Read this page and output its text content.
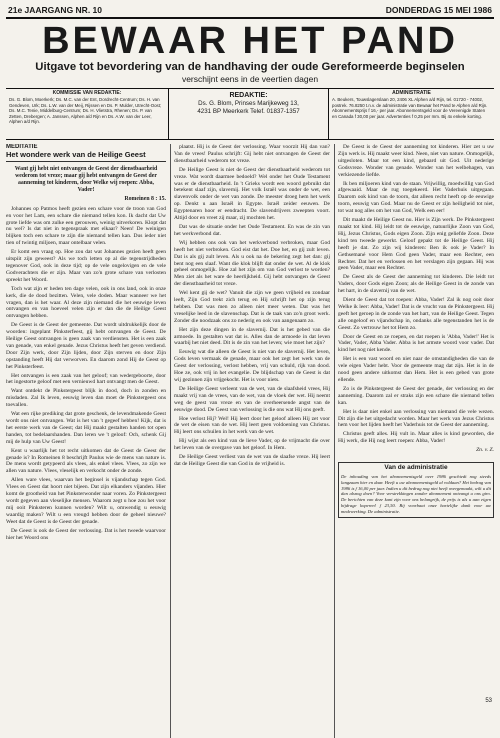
21e JAARGANG NR. 10	DONDERDAG 15 MEI 1986
BEWAAR HET PAND
Uitgave tot bevordering van de handhaving der oude Gereformeerde beginselen
verschijnt eens in de veertien dagen
KOMMISSIE VAN REDAKTIE:
Ds. G. Blom, Moerkerk; Ds. M.C. van der Ent, Dordrecht-Centrum; Ds. H. van Gendeven, Urk; Ds. L.W. van der Meij, Rijssen en Ds. P. Mulder, Utrecht-Oost; Ds. M.C. Tenie, Middelburg-Centrum; Ds. H. Vlietstra, Rhenen; Ds. P. van Zetten, Drebergen; A. Janssen, Alphen a/d Rijn en Ds. A.W. van der Leer, Alphen a/d Rijn.
REDAKTIE:
Ds. G. Blom, Prinses Marijkeweg 13,
4231 BP Meerkerk Telef. 01837-1357
ADMINISTRATIE
A. Beukers, Touwslagerslaan 20, 2406 XL Alphen a/d Rijn, tel. 01720 - 74002, postrek. 76.8250 t.n.v. de administratie van Bewaar het Pand te Alphen a/d Rijn. Abonnementsprijs f 16,- per jaar. Abonnementsgeld voor de Vereenigde Staten en Canada f 30,00 per jaar. Advertenties f 0,25 per mm. Bij 4x enkele korting.
MEDITATIE
Het wondere werk van de Heilige Geest
Want gij hebt niet ontvangen de Geest der dienstbaarheid wederom tot vreze; maar gij hebt ontvangen de Geest der aanneming tot kinderen, door Welke wij roepen: Abba, Vader!
Romeinen 8 : 15.

Johannes op Patmos heeft gezien een schare voor de troon van God en voor het Lam, een schare die niemand tellen kon. Ik dacht dat Uw grote liefde was om zulke een gerouwen, weinig uitverkoren. Klopt dat nu wel? Is dat niet in tegenspraak met elkaar? Neen! De weinigen blijken toch een schare te zijn die niemand tellen kan. Dus ieder niet tien of twintig miljoen, maar ontelbaar velen.

Er komt een vraag op. Hoe zou dat wat Johannes gezien heeft geen uitspiit zijn geweest? Als we toch letten op al die tegenstrijdheden tegenover God, ook in deze tijd; op de vele ongelovigen en de vele Godverachters die er zijn. Maar van zo'n grote schare van verlosten spreekt het Woord.

Toch wat zijn er heden ten dage velen, ook in ons land, ook in onze kerk, die de dood bezitten. Velen, vele doden. Maar wanneer we het vragen, dan is het waar. Al deze zijn niemand die het eeuwige leven ontvangen en van hoeveel velen zijn er dan die de Heilige Geest ontvangen hebben.

De Geest is de Geest der gemeente. Dat wordt uitdrukkelijk door de woorden: ingeplant Pinksterfeest, gij hebt ontvangen de Geest. De Heilige Geest ontvangen is geen zaak van verdiensten. Het is een zaak van genade, van enkel genade. Jezus Christus heeft het geven verdiend. Door Zijn werk, door Zijn lijden, door Zijn sterven en door Zijn opstanding heeft Hij dat verworven. En daarom zond Hij de Geest op het Pinksterfeest.

Het ontvangen is een zaak van het geloof; van wedergeboorte, door het ingestorte geloof met een vernieuwd hart ontvangt men de Geest.

Want ontdekt de Pinkstergeest blijk in dood, doch in zonden en misdaden. Zal Ik leven, eeuwig leven dan moet de Pinkstergeest ons toevallen.

Wat een rijke prediking dat grote geschenk, de levendmakende Geest wordt ons niet ontvangen. Wat is het van 't gegeef hebben! Kijk, dat is het eerste werk van de Geest; dat Hij maakt gestalten handen tot open handen, tot bedelaarshanden. Dan leren we 't geloof: Och, schenk Gij mij de hulp van Uw Geest!

Kent u waarlijk het tot recht uitkomen dat de Geest de Geest der genade is? In Romeinen 8 beschrijft Paulus wie de mens van nature is. De mens wordt getypeerd als vlees, als enkel vlees. Vlees, zo zijn we allen van nature. Vlees, vleselijk en verkocht onder de zonde.

Allen ware vlees, waarvan het beginsel is vijandschap tegen God. Vlees en Geest dat hoort niet bijeen. Dat zijn elkanders vijanden. Hier komt de grootheid van het Pinksterwonder naar voren. Zo Pinkstergeest wordt gegeven aan vleselijke mensen. Waarom zegt u hoe zou het voor mij ooit Pinksteren kunnen worden? Wilt u, omwendig u eeuwig waardig maken? Wilt u een vreugd hebben door de geheel nieuwe? Weet dat de Geest is de Geest der genade.

De Geest is ook de Geest der verlossing. Dat is het tweede waarvoor hier het Woord ons

plaatst. Hij is de Geest der verlossing. Waar voorzit Hij dan van? Van de vrees! Paulus schrijft: Gij hebt niet ontvangen de Geest der dienstbaarheid wederom tot vreze.

De Heilige Geest is niet de Geest der dienstbaarheid wederom tot vreze. Wat wordt daarmee bedoeld? Wel onder het Oude Testament was er de dienstbaarheid. In 't Grieks wordt een woord gebruikt dat betekent slaaf zijn, slavernij. Het volk Israël was onder de wet, een slavenvolk onder de wet van zonde. De meester droeg hem het werk op. Denkt u aan Israël in Egypte. Israël zeider eeuwen. De Egyptenaren hoor er eendracht. De slavendrijvers zweepten voort. Altijd door en vreet zij maar, zij mochten het.

Dat was de situatie onder het Oude Testament. En was de zin van het werkverbond dat.

Wij hebben ons ook van het werkverbond verbroken, maar God heeft het niet verbroken. God eist dat het. Doe het, en gij zult leven. Dat is als gij zult leven. Als u ook na de bekering zegt het dan: gij bent nog een slaaf. Want die klok blijft dat onder de wet. Al de klok geheel onmogelijk. Hoe zal het zijn om van God verlost te worden? Men ziet als het ware de heerlijkheid. Gij hebt ontvangen de Geest der dienstbaarheid tot vreze.

Wel kent gij de wet? Vanuit die zijn we geen vrijheid en zondaar leeft, Zijn God trekt zich terug en Hij schrijft het op zijn terug hebben. Dat was men zo alleen niet meer weten. Dat was het vreselijke leed in de slavenschap. Dat is de taak van zo'n groot werk. Zonder die noodzaak ons zo nederig en ook van aangenaam zo.

Het zijn deze dingen in de slavernij. Dat is het gebed van die armoede. In gestalten wat dat is. Alles dan de armoede in dat leven waarbij het niet deed. Dit is de zin van het leven; wie moet het zijn?

Eeuwig wat die alleen de Geest is niet van de slavernij. Het leven, Gods leven vermaak de genade, maar ook het zegt het werk van de Geest der verlossing, verlost hebben, vrij van schuld, rijk van dood. Hoe ze, ook vrij in het evangelie. De blijdschap van de Geest is dat wij gezinnen zijn vrijgekocht. Het is voor niets.

De Heilige Geest verleent van de wet, van de slaafsheid vrees, Hij maakt vrij van de vrees, van de wet, van de vloek der wet. Hij neemt weg de geest van vreze en van de overheersende angst van de eeuwige dood. De Geest van verlossing is die ons wat Hij ons geeft.

Hoe verlost Hij? Wel! Hij leert door het geloof alleen Hij zet voor de wet de eisen van de wet. Hij leert geen voldoening van Christus. Hij leert ons schuilen in het werk van de wet.

Hij wijst als een kind van de lieve Vader, op de vrijmacht die over het leven van de overgave van het geloof. In Hem.

De Heilige Geest verliest van de wet van de slaafse vreze. Hij leert dat de Heilige Geest die van God in de vrijheid is.

De Geest is de Geest der aanneming tot kinderen. Hier zet u uw Zijn werk is. Hij maakt weer kind. Neen, niet van nature. Onmogelijk, uitgesloten. Maar tot een kind, gebaard uit God. Uit nederige Godsvreze. Wonder van genade. Wonder van het welbehagen, van verkiezende liefde.

Ik ben miljoeren kind van de staan. Vrijwillig, moedwillig van God afgewaaid. Maar de rug toegekeerd. Het Vaderhuis uitgegaan. Daarom ook kind van de toorn, dat alleen recht heeft op de eeuwige toorn, eeuwig van God. Maar nu de Geest er zijn heiligheid tot niet, tot wat nog alles om het van God, Welk een eer!

Dit maakt de Heilige Geest nu. Hier is Zijn werk. De Pinkstergeest maakt tot kind. Hij leidt tot de eeuwige, natuurlijke Zoon van God, Hij, Jezus Christus, Gods eigen Zoon. Zijn enig geliefde Zoon. Deze kind ten tweede gewerkt. Geloof gepakt tot de Heilige Geest. Hij heeft je dat. Zo zijn wij kinderen: Ben ik ook je Vader? In Gethsemané voor Hem God geen Vader, maar een Rechter, een Rechter. Dat het en verlossen en het verslagen zijn gegaan. Hij was geen Vader, maar een Rechter.

De Geest als de Geest der aanneming tot kinderen. Die leidt tot Vaders, door Gods eigen Zoon; als de Heilige Geest in de zonde van het hart, in de slavernij van de wet.

Dient de Geest dat tot roepen: Abba, Vader! Zal ik nog ooit door Welke ik leer: Abba, Vader! Dat is de vrucht van de Pinkstergeest. Hij geeft het geroep in de zonde van het hart, van de Heilige Geest. Tegen alle ongeloof en vijandschap in, ondanks alle tegenstanden het is de Geest. Zo vertrouw het tot Hem zo.

Door de Geest en ze roepen, en dat roepen is 'Abba, Vader!' Het is Vader, Vader, Abba Vader. Abba is het armste woord voor vader. Dat kind het nog niet kende.

Het is een vast woord en niet naar de omstandigheden die van de vele eigen Vader hebt. Voor de gemeente mag dat zijn. Het is in de nood geen andere uitkomst dan Hem. Het is een gebed van grote ellende.

Zo is de Pinkstergeest de Geest der genade, der verlossing en der aanneming. Daarom zal er straks zijn een schare die niemand tellen kan.

Het is daar niet enkel aan verlossing van niemand die vele wezen. Dit zijn die het uitgedacht worden. Maar het werk van Jezus Christus hem voor het lijden heeft het Vaderhuis tot de Geest der aanneming.

Christus geeft alles. Hij vult in. Maar alles is kind geworden, die Hij werk, die Hij nog leert roepen: Abba, Vader!

Zn. v. Z.
Van de administratie
De inhouding van het abonnementsgeld over 1986 geschiedt nog steeds langzaam hier en daar. Heeft u uw abonnementsgeld al voldaan? Het bedrag van 1986 is f 16,00 per jaar. Indien u dit bedrag nog niet heeft overgemaakt, wilt u dit dan alsnog doen? Voor verstrekkingen zonder abonnement ontvangt u ons giro. De berichten van deze kant zijn voor ons belangrijk, de prijs is als u aan eigen bijdrage koperen! f 23,50. Bij voorbaat onze hartelijke dank voor uw medewerking. De administratie.
53
